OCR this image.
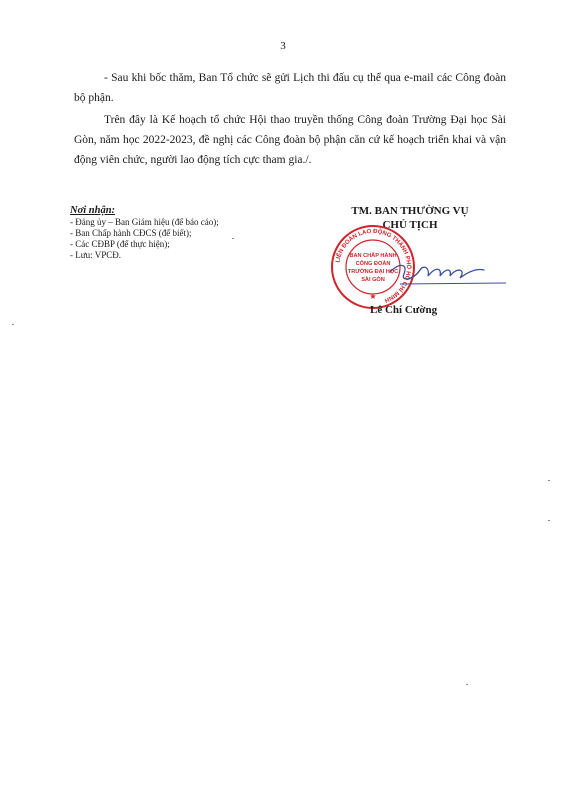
3
- Sau khi bốc thăm, Ban Tổ chức sẽ gửi Lịch thi đấu cụ thể qua e-mail các Công đoàn bộ phận.
Trên đây là Kế hoạch tổ chức Hội thao truyền thống Công đoàn Trường Đại học Sài Gòn, năm học 2022-2023, đề nghị các Công đoàn bộ phận căn cứ kế hoạch triển khai và vận động viên chức, người lao động tích cực tham gia./.
Nơi nhận:
- Đảng ủy – Ban Giám hiệu (để báo cáo);
- Ban Chấp hành CĐCS (để biết);
- Các CĐBP (để thực hiện);
- Lưu: VPCĐ.
TM. BAN THƯỜNG VỤ
CHỦ TỊCH
LIÊN ĐOÀN LAO ĐỘNG THÀNH PHỐ HỒ HÍ MINH
BAN CHẤP HÀNH
CÔNG ĐOÀN
TRƯỜNG ĐẠI HỌC
SÀI GÒN
★
Lê Chí Cường
